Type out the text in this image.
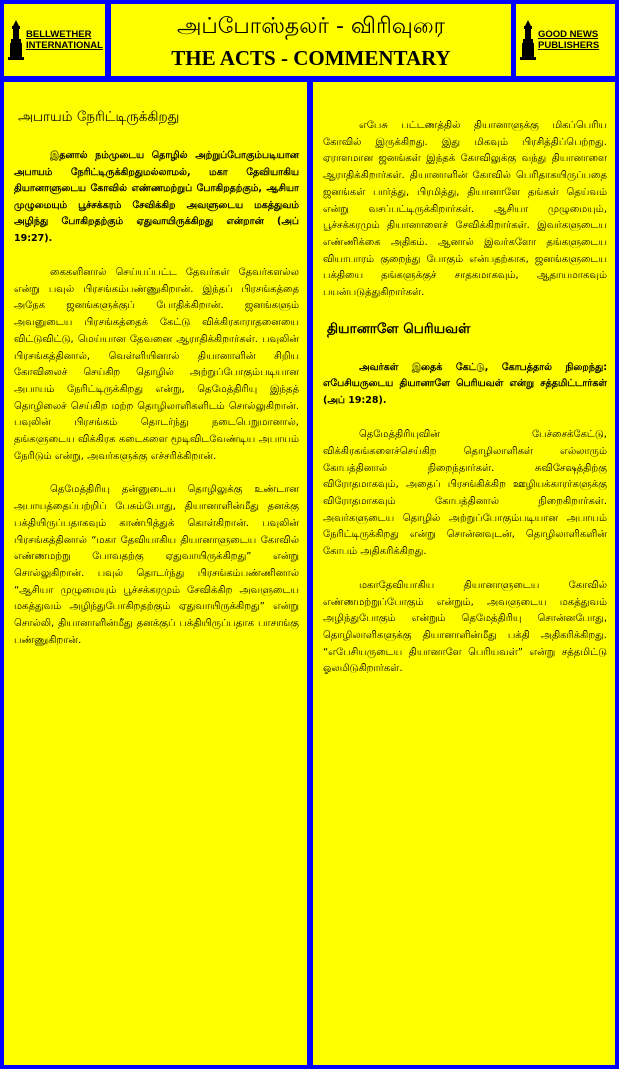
BELLWETHER
INTERNATIONAL
அப்போஸ்தலர் - விரிவுரை
THE ACTS - COMMENTARY
GOOD NEWS
PUBLISHERS
அபாயம் நேரிட்டிருக்கிறது

இதனால் நம்முடைய தொழில் அற்றுப்போகும்படியான அபாயம் நேரிட்டிருக்கிறதுமல்லாமல், மகா தேவியாகிய தியானாளுடைய கோவில் எண்ணமற்றுப் போகிறதற்கும், ஆசியா முழுமையும் பூச்சக்கரம் சேவிக்கிற அவளுடைய மகத்துவம் அழிந்து போகிறதற்கும் ஏதுவாயிருக்கிறது என்றான் (அப் 19:27).

கைகளினால் செய்யப்பட்ட தேவர்கள் தேவர்களல்ல என்று பவுல் பிரசங்கம்பண்ணுகிறான். இந்தப் பிரசங்கத்தை அநேக ஜனங்களுக்குப் போதிக்கிறான். ஜனங்களும் அவனுடைய பிரசங்கத்தைக் கேட்டு விக்கிரகாராதனையை விட்டுவிட்டு, மெய்யான தேவனை ஆராதிக்கிறார்கள். பவுலின் பிரசங்கத்தினால், வெள்ளியினால் தியானாளின் சிறிய கோவிலைச் செய்கிற தொழில் அற்றுப்போகும்படியான அபாயம் நேரிட்டிருக்கிறது என்று, தெமேத்திரியு இந்தத் தொழிலைச் செய்கிற மற்ற தொழிலாளிகளிடம் சொல்லுகிறான். பவுலின் பிரசங்கம் தொடர்ந்து நடைபெறுமானால், தங்களுடைய விக்கிரக கடைகளை மூடிவிடவேண்டிய அபாயம் நேரிடும் என்று, அவர்களுக்கு எச்சரிக்கிறான்.

தெமேத்திரியு தன்னுடைய தொழிலுக்கு உண்டான அபாயத்தைப்பற்றிப் பேசும்போது, தியானாளின்மீது தனக்கு பக்தியிருப்பதாகவும் காண்பித்துக் கொள்கிறான். பவுலின் பிரசங்கத்தினால் “மகா தேவியாகிய தியானாளுடைய கோவில் எண்ணமற்று போவதற்கு ஏதுவாயிருக்கிறது” என்று சொல்லுகிறான். பவுல் தொடர்ந்து பிரசங்கம்பண்ணினால் “ஆசியா முழுமையும் பூச்சக்கரமும் சேவிக்கிற அவளுடைய மகத்துவம் அழிந்துபோகிறதற்கும் ஏதுவாயிருக்கிறது” என்று சொல்லி, தியானாளின்மீது தனக்குப் பக்தியிருப்பதாக பாசாங்கு பண்ணுகிறான்.

எபேசு பட்டணத்தில் தியானாளுக்கு மிகப்பெரிய கோவில் இருக்கிறது. இது மிகவும் பிரசித்திப்பெற்றது. ஏராளமான ஜனங்கள் இந்தக் கோவிலுக்கு வந்து தியானாளை ஆராதிக்கிறார்கள். தியானாளின் கோவில் பெரிதாகயிருப்பதை ஜனங்கள் பார்த்து, பிரமித்து, தியானாளே தங்கள் தெய்வம் என்று வசப்பட்டிருக்கிறார்கள். ஆசியா முழுமையும், பூச்சக்கரமும் தியானாளைச் சேவிக்கிறார்கள். இவர்களுடைய எண்ணிக்கை அதிகம். ஆனால் இவர்களோ தங்களுடைய வியாபாரம் குறைந்து போகும் என்பதற்காக, ஜனங்களுடைய பக்தியை தங்களுக்குச் சாதகமாகவும், ஆதாயமாகவும் பயன்படுத்துகிறார்கள்.

தியானாளே பெரியவள்

அவர்கள் இதைக் கேட்டு, கோபத்தால் நிறைந்து: எபேசியருடைய தியானாளே பெரியவள் என்று சத்தமிட்டார்கள் (அப் 19:28).

தெமேத்திரியுவின் பேச்சைக்கேட்டு, விக்கிரகங்களைச்செய்கிற தொழிலாளிகள் எல்லாரும் கோபத்தினால் நிறைந்தார்கள். சுவிசேஷத்திற்கு விரோதமாகவும், அதைப் பிரசங்கிக்கிற ஊழியக்காரர்களுக்கு விரோதமாகவும் கோபத்தினால் நிறைகிறார்கள். அவர்களுடைய தொழில் அற்றுப்போகும்படியான அபாயம் நேரிட்டிருக்கிறது என்று சொன்னவுடன், தொழிலாளிகளின் கோபம் அதிகரிக்கிறது.

மகாதேவியாகிய தியானாளுடைய கோவில் எண்ணமற்றுப்போகும் என்றும், அவளுடைய மகத்துவம் அழிந்துபோகும் என்றும் தெமேத்திரியு சொன்னபோது, தொழிலாளிகளுக்கு தியானாளின்மீது பக்தி அதிகரிக்கிறது. “எபேசியருடைய தியானாளே பெரியவள்” என்று சத்தமிட்டு ஓலமிடுகிறார்கள்.
